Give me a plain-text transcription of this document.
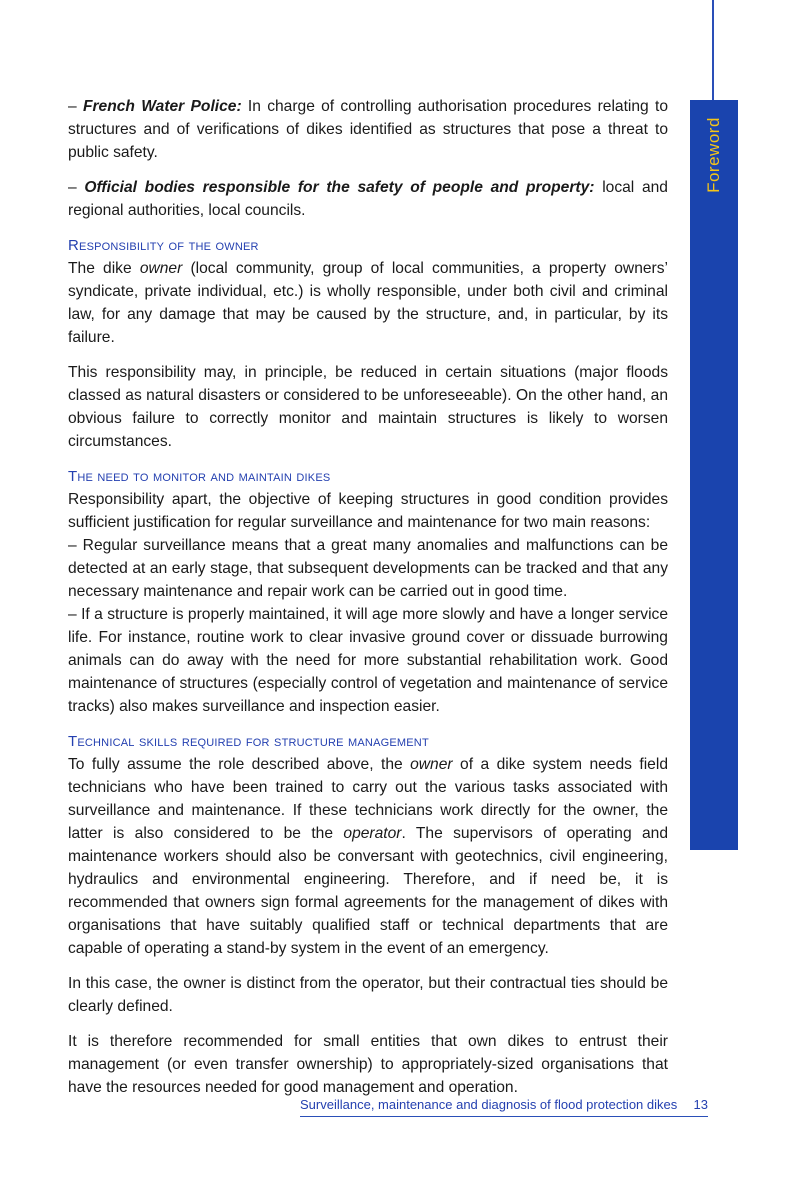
Foreword

– French Water Police: In charge of controlling authorisation procedures relating to structures and of verifications of dikes identified as structures that pose a threat to public safety.

– Official bodies responsible for the safety of people and property: local and regional authorities, local councils.

Responsibility of the owner

The dike owner (local community, group of local communities, a property owners’ syndicate, private individual, etc.) is wholly responsible, under both civil and criminal law, for any damage that may be caused by the structure, and, in particular, by its failure.

This responsibility may, in principle, be reduced in certain situations (major floods classed as natural disasters or considered to be unforeseeable). On the other hand, an obvious failure to correctly monitor and maintain structures is likely to worsen circumstances.

The need to monitor and maintain dikes

Responsibility apart, the objective of keeping structures in good condition provides sufficient justification for regular surveillance and maintenance for two main reasons:

– Regular surveillance means that a great many anomalies and malfunctions can be detected at an early stage, that subsequent developments can be tracked and that any necessary maintenance and repair work can be carried out in good time.

– If a structure is properly maintained, it will age more slowly and have a longer service life. For instance, routine work to clear invasive ground cover or dissuade burrowing animals can do away with the need for more substantial rehabilitation work. Good maintenance of structures (especially control of vegetation and maintenance of service tracks) also makes surveillance and inspection easier.

Technical skills required for structure management

To fully assume the role described above, the owner of a dike system needs field technicians who have been trained to carry out the various tasks associated with surveillance and maintenance. If these technicians work directly for the owner, the latter is also considered to be the operator. The supervisors of operating and maintenance workers should also be conversant with geotechnics, civil engineering, hydraulics and environmental engineering. Therefore, and if need be, it is recommended that owners sign formal agreements for the management of dikes with organisations that have suitably qualified staff or technical departments that are capable of operating a stand-by system in the event of an emergency.

In this case, the owner is distinct from the operator, but their contractual ties should be clearly defined.

It is therefore recommended for small entities that own dikes to entrust their management (or even transfer ownership) to appropriately-sized organisations that have the resources needed for good management and operation.

Surveillance, maintenance and diagnosis of flood protection dikes 13
